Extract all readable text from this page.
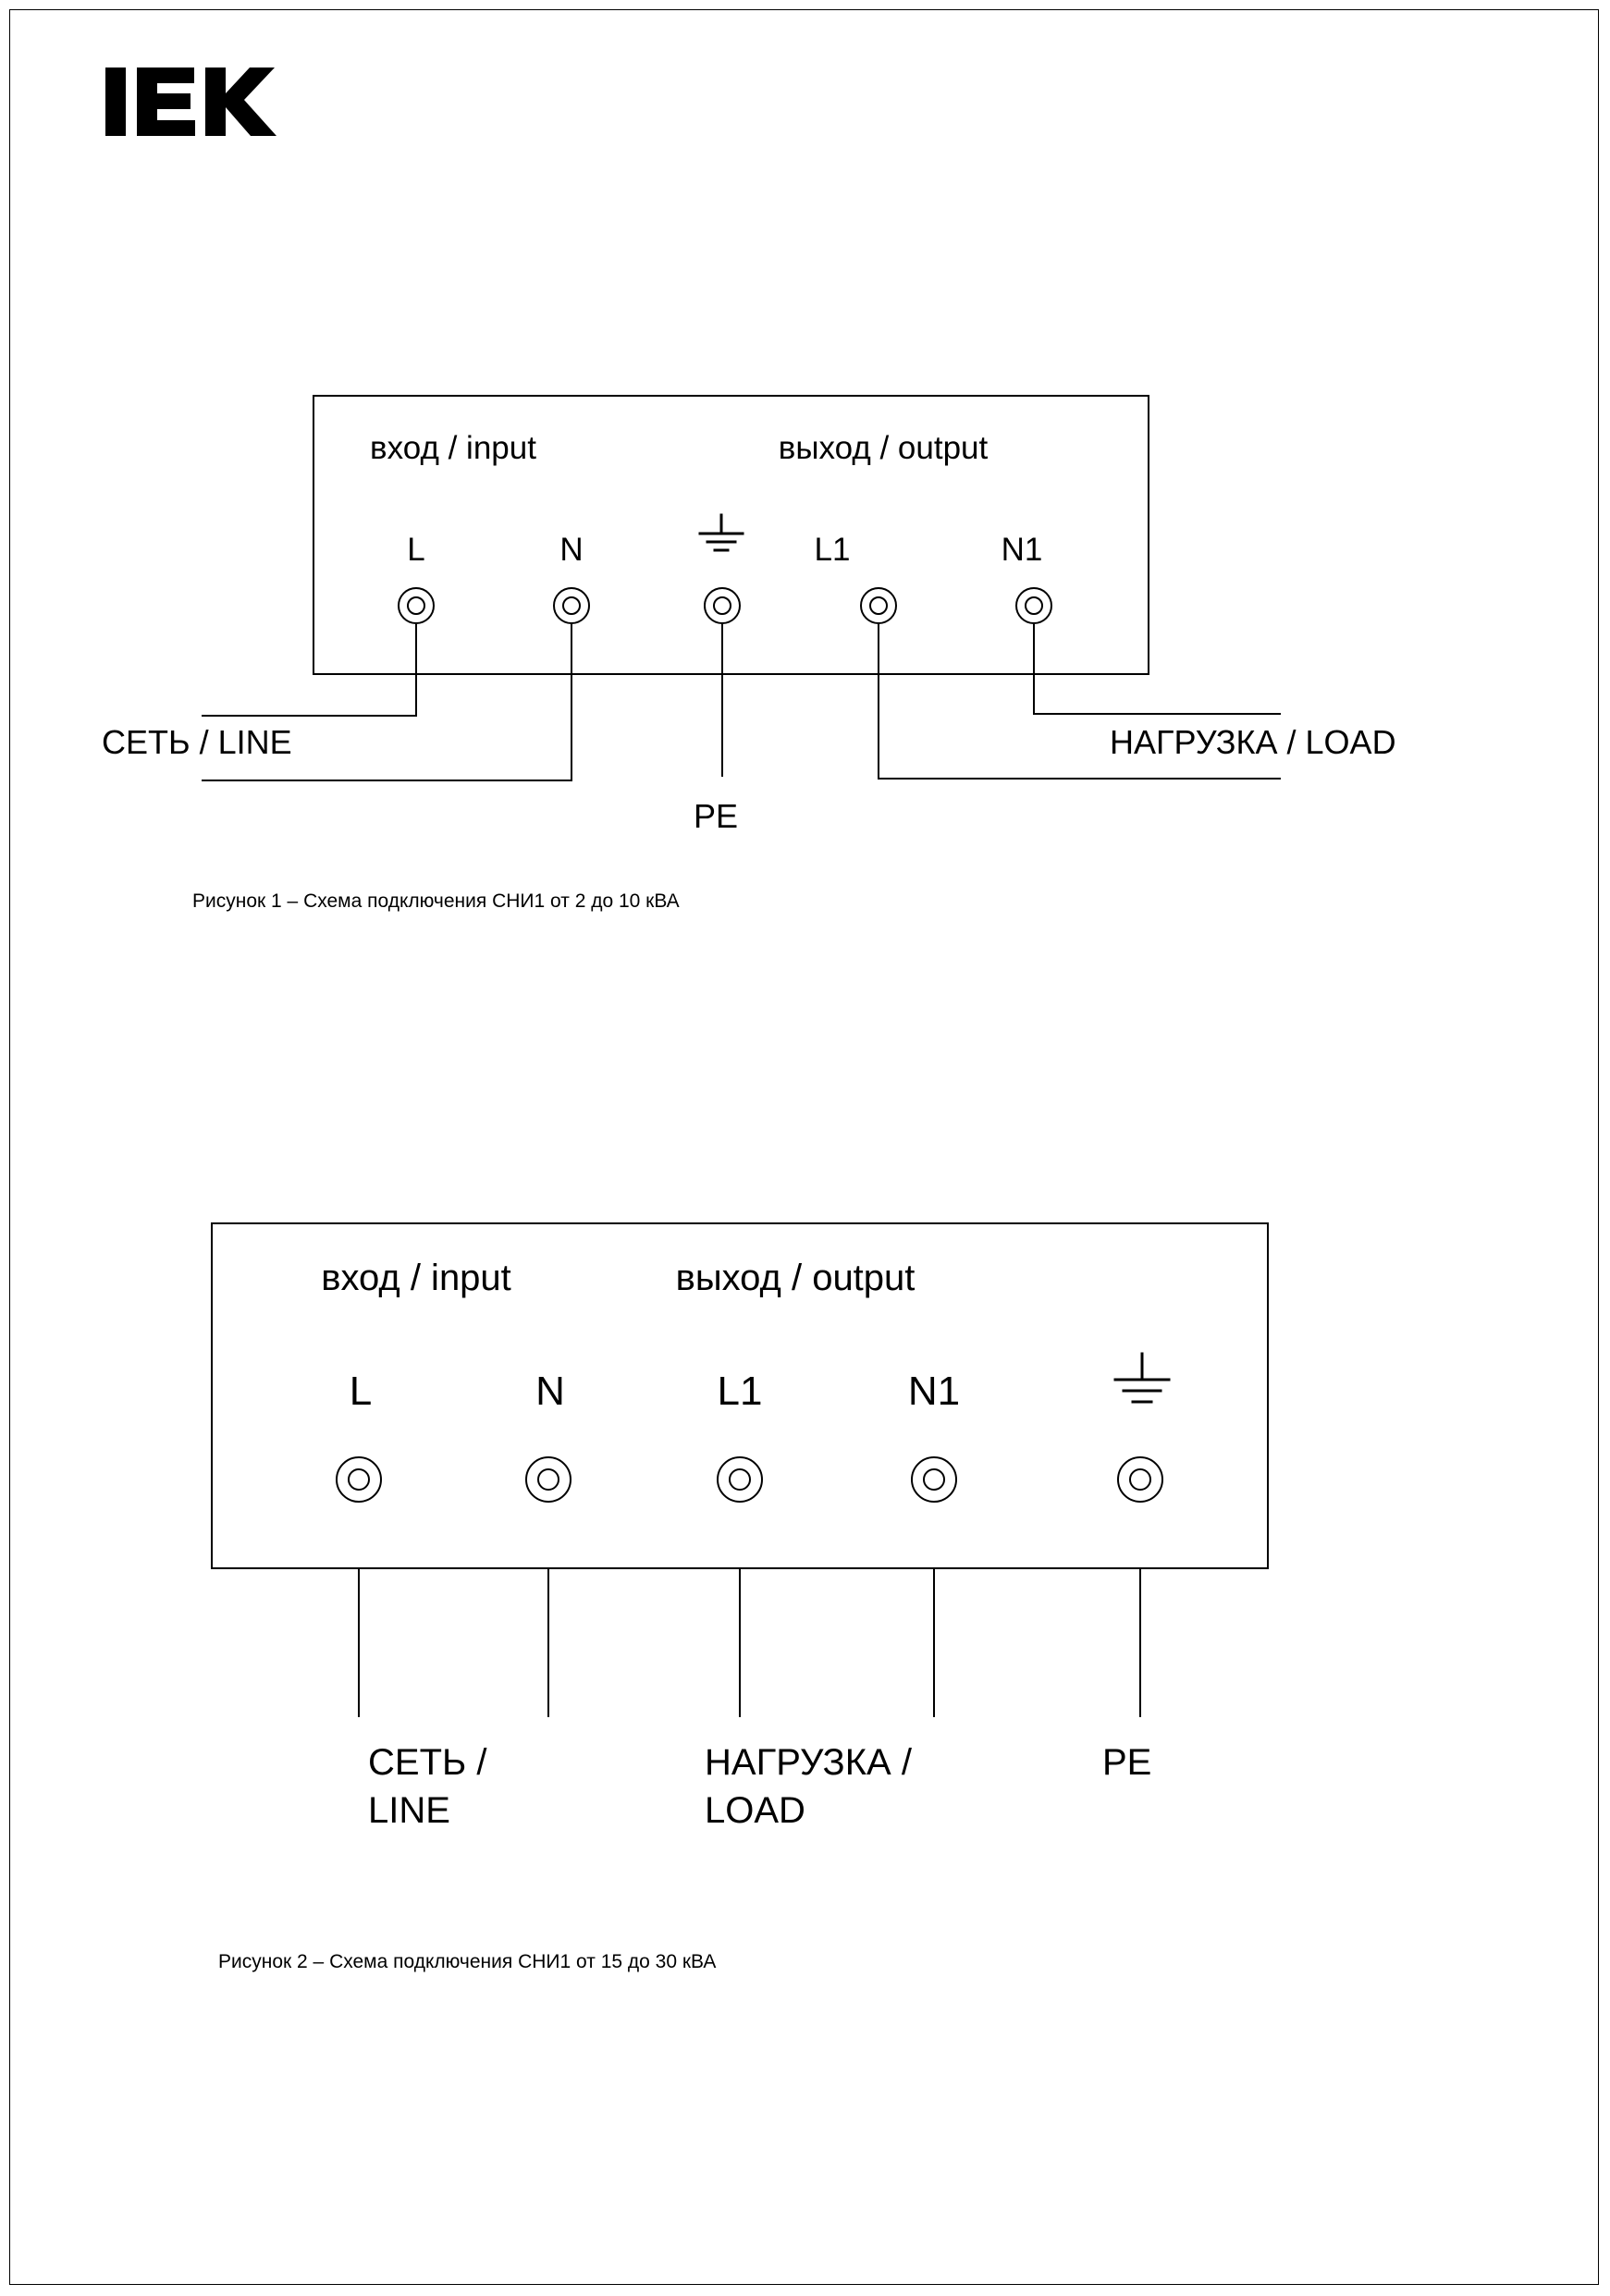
вход / input	выход / output
L	N	L1	N1
СЕТЬ / LINE
PE
НАГРУЗКА / LOAD
Рисунок 1 – Схема подключения СНИ1 от 2 до 10 кВА
вход / input	выход / output
L	N	L1	N1
СЕТЬ /
LINE
НАГРУЗКА /
LOAD
PE
Рисунок 2 – Схема подключения СНИ1 от 15 до 30 кВА
